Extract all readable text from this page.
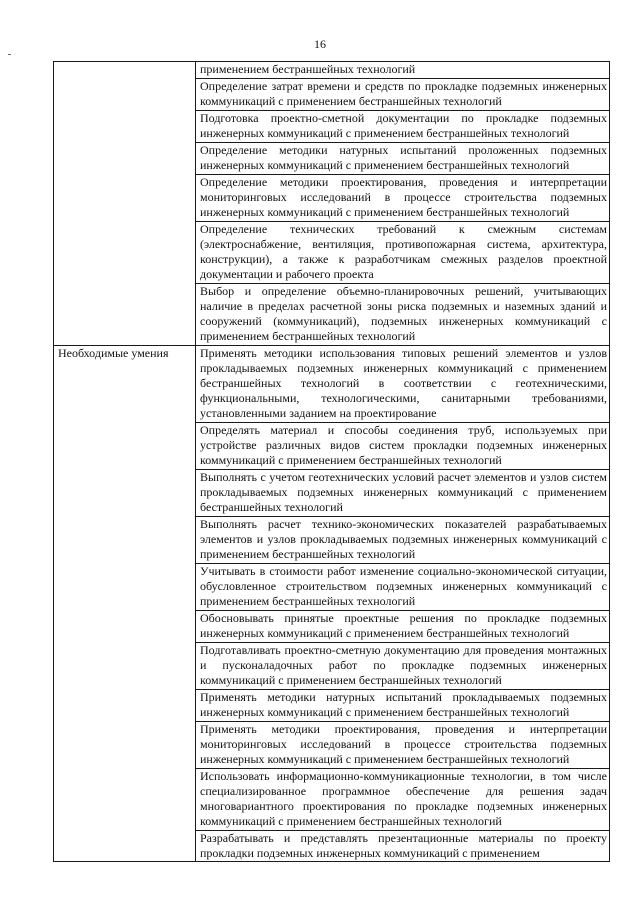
16

	применением бестраншейных технологий

	Определение затрат времени и средств по прокладке подземных инженерных коммуникаций с применением бестраншейных технологий

	Подготовка проектно-сметной документации по прокладке подземных инженерных коммуникаций с применением бестраншейных технологий

	Определение методики натурных испытаний проложенных подземных инженерных коммуникаций с применением бестраншейных технологий

	Определение методики проектирования, проведения и интерпретации мониторинговых исследований в процессе строительства подземных инженерных коммуникаций с применением бестраншейных технологий

	Определение технических требований к смежным системам (электроснабжение, вентиляция, противопожарная система, архитектура, конструкции), а также к разработчикам смежных разделов проектной документации и рабочего проекта

	Выбор и определение объемно-планировочных решений, учитывающих наличие в пределах расчетной зоны риска подземных и наземных зданий и сооружений (коммуникаций), подземных инженерных коммуникаций с применением бестраншейных технологий

Необходимые умения	Применять методики использования типовых решений элементов и узлов прокладываемых подземных инженерных коммуникаций с применением бестраншейных технологий в соответствии с геотехническими, функциональными, технологическими, санитарными требованиями, установленными заданием на проектирование

	Определять материал и способы соединения труб, используемых при устройстве различных видов систем прокладки подземных инженерных коммуникаций с применением бестраншейных технологий

	Выполнять с учетом геотехнических условий расчет элементов и узлов систем прокладываемых подземных инженерных коммуникаций с применением бестраншейных технологий

	Выполнять расчет технико-экономических показателей разрабатываемых элементов и узлов прокладываемых подземных инженерных коммуникаций с применением бестраншейных технологий

	Учитывать в стоимости работ изменение социально-экономической ситуации, обусловленное строительством подземных инженерных коммуникаций с применением бестраншейных технологий

	Обосновывать принятые проектные решения по прокладке подземных инженерных коммуникаций с применением бестраншейных технологий

	Подготавливать проектно-сметную документацию для проведения монтажных и пусконаладочных работ по прокладке подземных инженерных коммуникаций с применением бестраншейных технологий

	Применять методики натурных испытаний прокладываемых подземных инженерных коммуникаций с применением бестраншейных технологий

	Применять методики проектирования, проведения и интерпретации мониторинговых исследований в процессе строительства подземных инженерных коммуникаций с применением бестраншейных технологий

	Использовать информационно-коммуникационные технологии, в том числе специализированное программное обеспечение для решения задач многовариантного проектирования по прокладке подземных инженерных коммуникаций с применением бестраншейных технологий

	Разрабатывать и представлять презентационные материалы по проекту прокладки подземных инженерных коммуникаций с применением
